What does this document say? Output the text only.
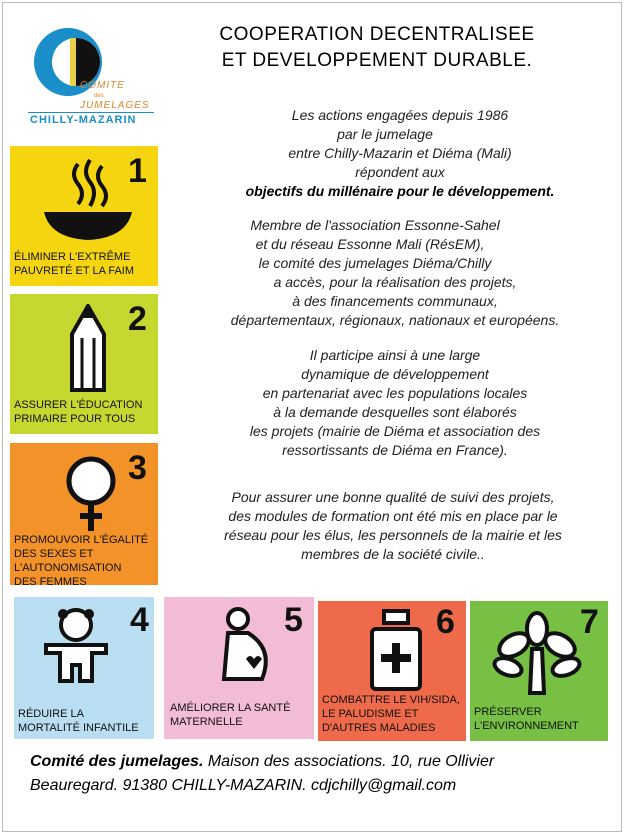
COMITE
des
JUMELAGES
CHILLY-MAZARIN
COOPERATION DECENTRALISEE
ET DEVELOPPEMENT DURABLE.
Les actions engagées depuis 1986
par le jumelage
entre Chilly-Mazarin et Diéma (Mali)
répondent aux
objectifs du millénaire pour le développement.
Membre de l'association Essonne-Sahel
et du réseau Essonne Mali (RésEM),
le comité des jumelages Diéma/Chilly
a accès, pour la réalisation des projets,
à des financements communaux,
départementaux, régionaux, nationaux et européens.
Il participe ainsi à une large
dynamique de développement
en partenariat avec les populations locales
à la demande desquelles sont élaborés
les projets (mairie de Diéma et association des
ressortissants de Diéma en France).
Pour assurer une bonne qualité de suivi des projets,
des modules de formation ont été mis en place par le
réseau pour les élus, les personnels de la mairie et les
membres de la société civile..
1
ÉLIMINER L'EXTRÊME
PAUVRETÉ ET LA FAIM
2
ASSURER L'ÉDUCATION
PRIMAIRE POUR TOUS
3
PROMOUVOIR L'ÉGALITÉ
DES SEXES ET
L'AUTONOMISATION
DES FEMMES
4
RÉDUIRE LA
MORTALITÉ INFANTILE
5
AMÉLIORER LA SANTÉ
MATERNELLE
6
COMBATTRE LE VIH/SIDA,
LE PALUDISME ET
D'AUTRES MALADIES
7
PRÉSERVER
L'ENVIRONNEMENT
Comité des jumelages. Maison des associations. 10, rue Ollivier
Beauregard. 91380 CHILLY-MAZARIN. cdjchilly@gmail.com
